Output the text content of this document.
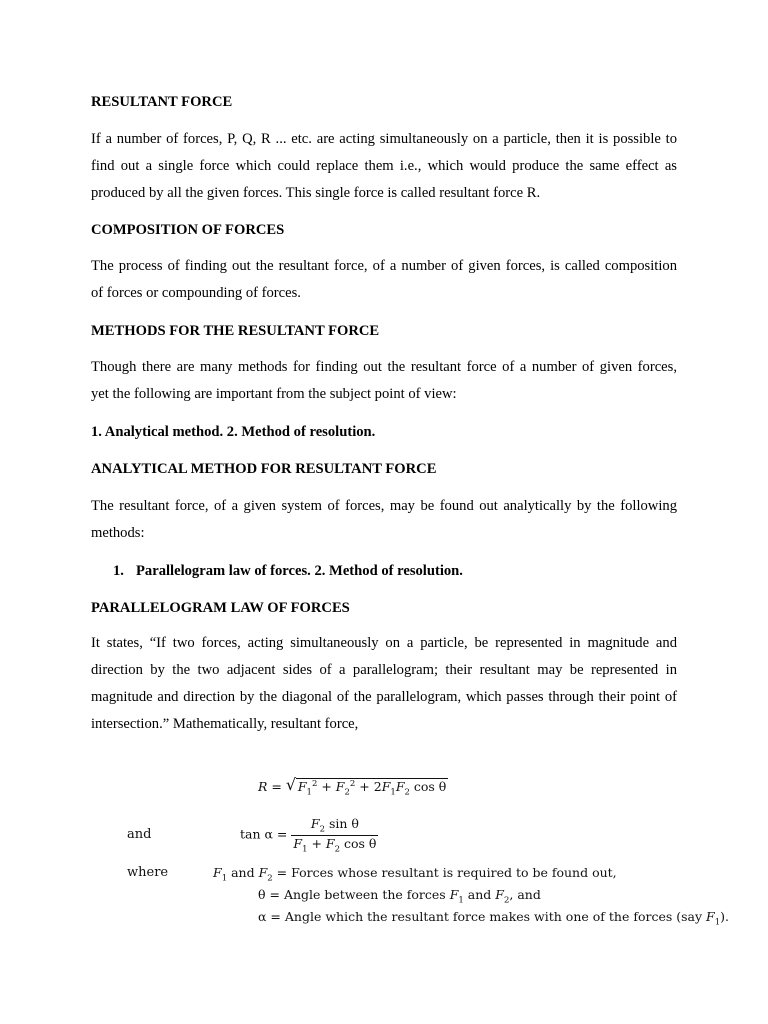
RESULTANT FORCE
If a number of forces, P, Q, R ... etc. are acting simultaneously on a particle, then it is possible to
find out a single force which could replace them i.e., which would produce the same effect as
produced by all the given forces. This single force is called resultant force R.
COMPOSITION OF FORCES
The process of finding out the resultant force, of a number of given forces, is called composition
of forces or compounding of forces.
METHODS FOR THE RESULTANT FORCE
Though there are many methods for finding out the resultant force of a number of given forces,
yet the following are important from the subject point of view:
1. Analytical method. 2. Method of resolution.
ANALYTICAL METHOD FOR RESULTANT FORCE
The resultant force, of a given system of forces, may be found out analytically by the following
methods:

1. Parallelogram law of forces. 2. Method of resolution.

PARALLELOGRAM LAW OF FORCES
It states, “If two forces, acting simultaneously on a particle, be represented in magnitude and
direction by the two adjacent sides of a parallelogram; their resultant may be represented in
magnitude and direction by the diagonal of the parallelogram, which passes through their point of
intersection.” Mathematically, resultant force,
R = √ $F_1^2 + F_2^2 + 2F_1F_2$ cos θ
and	$\tan \alpha = \frac{F_2 \sin \theta}{F_1 + F_2 \cos \theta}$
where	$F_1$ and $F_2$ = Forces whose resultant is required to be found out,
θ = Angle between the forces $F_1$ and $F_2$, and
α = Angle which the resultant force makes with one of the forces (say $F_1$).
